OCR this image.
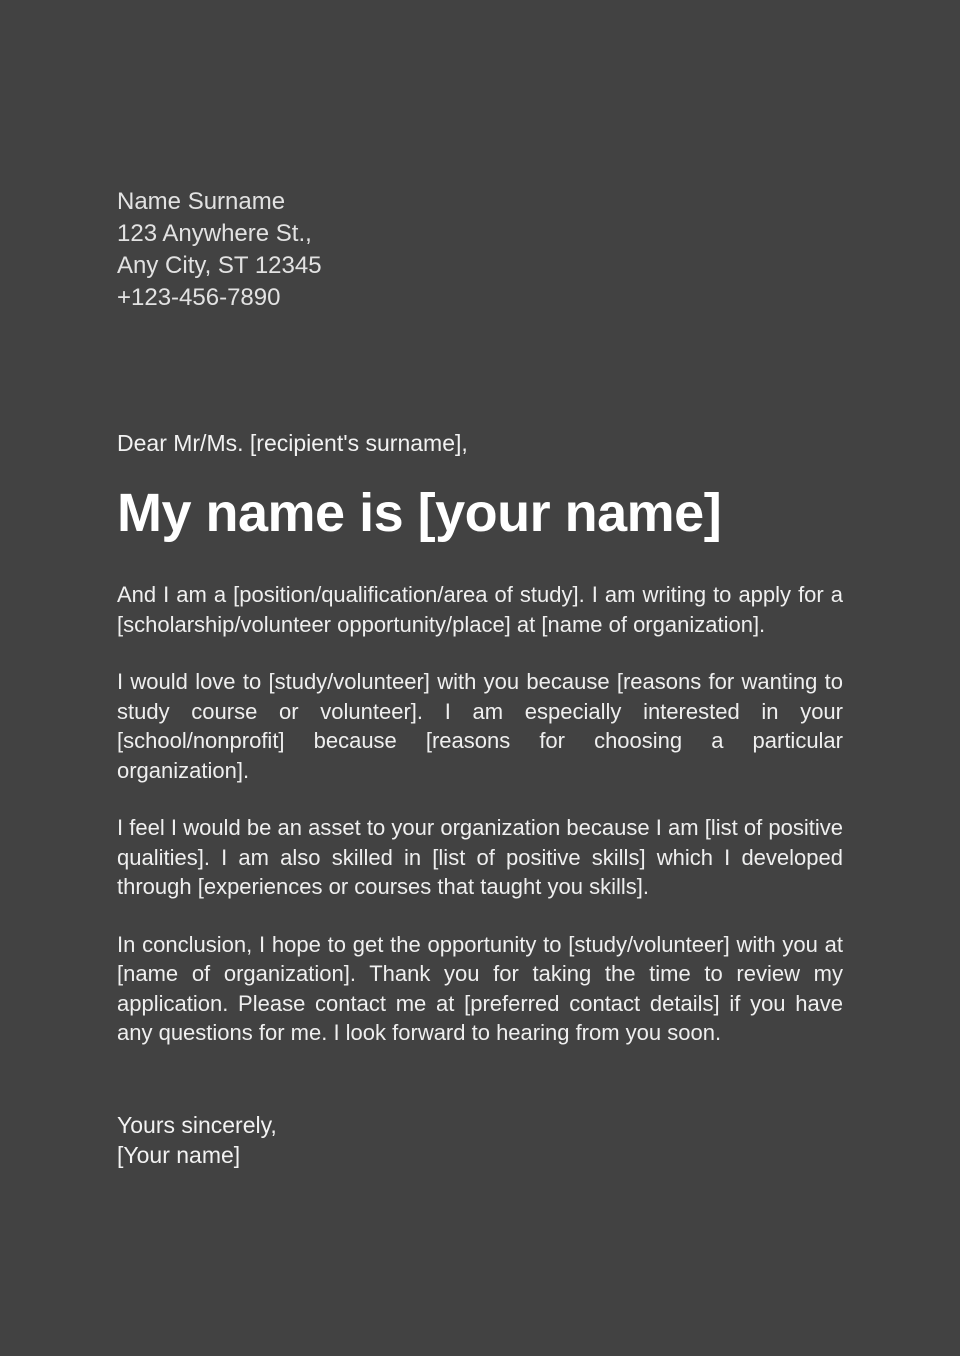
Name Surname
123 Anywhere St.,
Any City, ST 12345
+123-456-7890
Dear Mr/Ms. [recipient's surname],
My name is [your name]

And I am a [position/qualification/area of study]. I am writing to apply for a [scholarship/volunteer opportunity/place] at [name of organization].

I would love to [study/volunteer] with you because [reasons for wanting to study course or volunteer]. I am especially interested in your [school/nonprofit] because [reasons for choosing a particular organization].

I feel I would be an asset to your organization because I am [list of positive qualities]. I am also skilled in [list of positive skills] which I developed through [experiences or courses that taught you skills].

In conclusion, I hope to get the opportunity to [study/volunteer] with you at [name of organization]. Thank you for taking the time to review my application. Please contact me at [preferred contact details] if you have any questions for me. I look forward to hearing from you soon.

Yours sincerely,
[Your name]
